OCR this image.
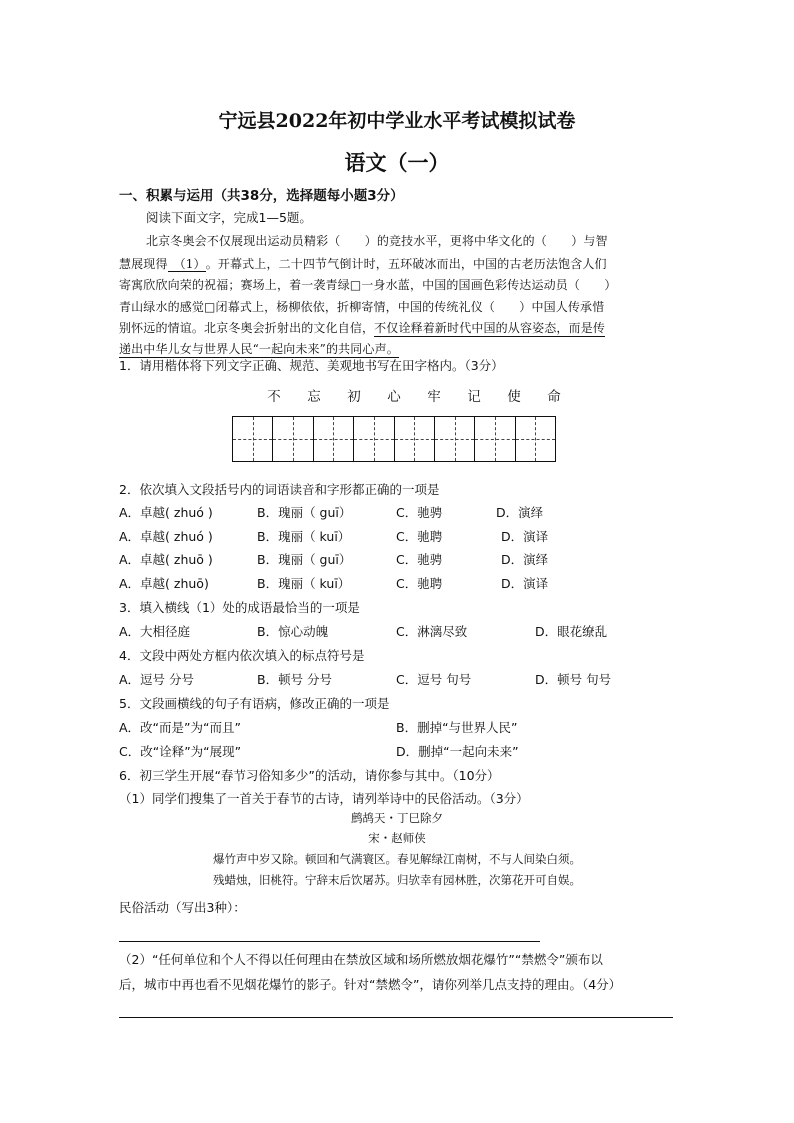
宁远县2022年初中学业水平考试模拟试卷
语文（一）
一、积累与运用（共38分，选择题每小题3分）
阅读下面文字，完成1—5题。
北京冬奥会不仅展现出运动员精彩（　　）的竞技水平，更将中华文化的（　　）与智
慧展现得 （1） 。开幕式上，二十四节气倒计时，五环破冰而出，中国的古老历法饱含人们
寄寓欣欣向荣的祝福；赛场上，着一袭青绿□一身水蓝，中国的国画色彩传达运动员（　　）
青山绿水的感觉□闭幕式上，杨柳依依，折柳寄情，中国的传统礼仪（　　）中国人传承惜
别怀远的情谊。北京冬奥会折射出的文化自信，不仅诠释着新时代中国的从容姿态，而是传
递出中华儿女与世界人民“一起向未来”的共同心声。
1．请用楷体将下列文字正确、规范、美观地书写在田字格内。（3分）
不 忘 初 心 牢 记 使 命
2．依次填入文段括号内的词语读音和字形都正确的一项是
A．卓越( zhuó )	B．瑰丽（ guī）	C．驰骋	D．演绎
A．卓越( zhuó )	B．瑰丽（ kuī）	C．驰聘	D．演译
A．卓越( zhuō )	B．瑰丽（ guī）	C．驰骋	D．演绎
A．卓越( zhuō)	B．瑰丽（ kuī）	C．驰聘	D．演译
3．填入横线（1）处的成语最恰当的一项是
A．大相径庭	B．惊心动魄	C．淋漓尽致	D．眼花缭乱
4．文段中两处方框内依次填入的标点符号是
A．逗号 分号	B．顿号 分号	C．逗号 句号	D．顿号 句号
5．文段画横线的句子有语病，修改正确的一项是
A．改“而是”为“而且”	B．删掉“与世界人民”
C．改“诠释”为“展现”	D．删掉“一起向未来”
6．初三学生开展“春节习俗知多少”的活动，请你参与其中。（10分）
（1）同学们搜集了一首关于春节的古诗，请列举诗中的民俗活动。（3分）
鹧鸪天・丁巳除夕
宋・赵师侠
爆竹声中岁又除。顿回和气满寰区。春见解绿江南树，不与人间染白须。
残蜡烛，旧桃符。宁辞末后饮屠苏。归欤幸有园林胜，次第花开可自娱。
民俗活动（写出3种）：
（2）“任何单位和个人不得以任何理由在禁放区域和场所燃放烟花爆竹”“禁燃令”颁布以
后，城市中再也看不见烟花爆竹的影子。针对“禁燃令”，请你列举几点支持的理由。（4分）
